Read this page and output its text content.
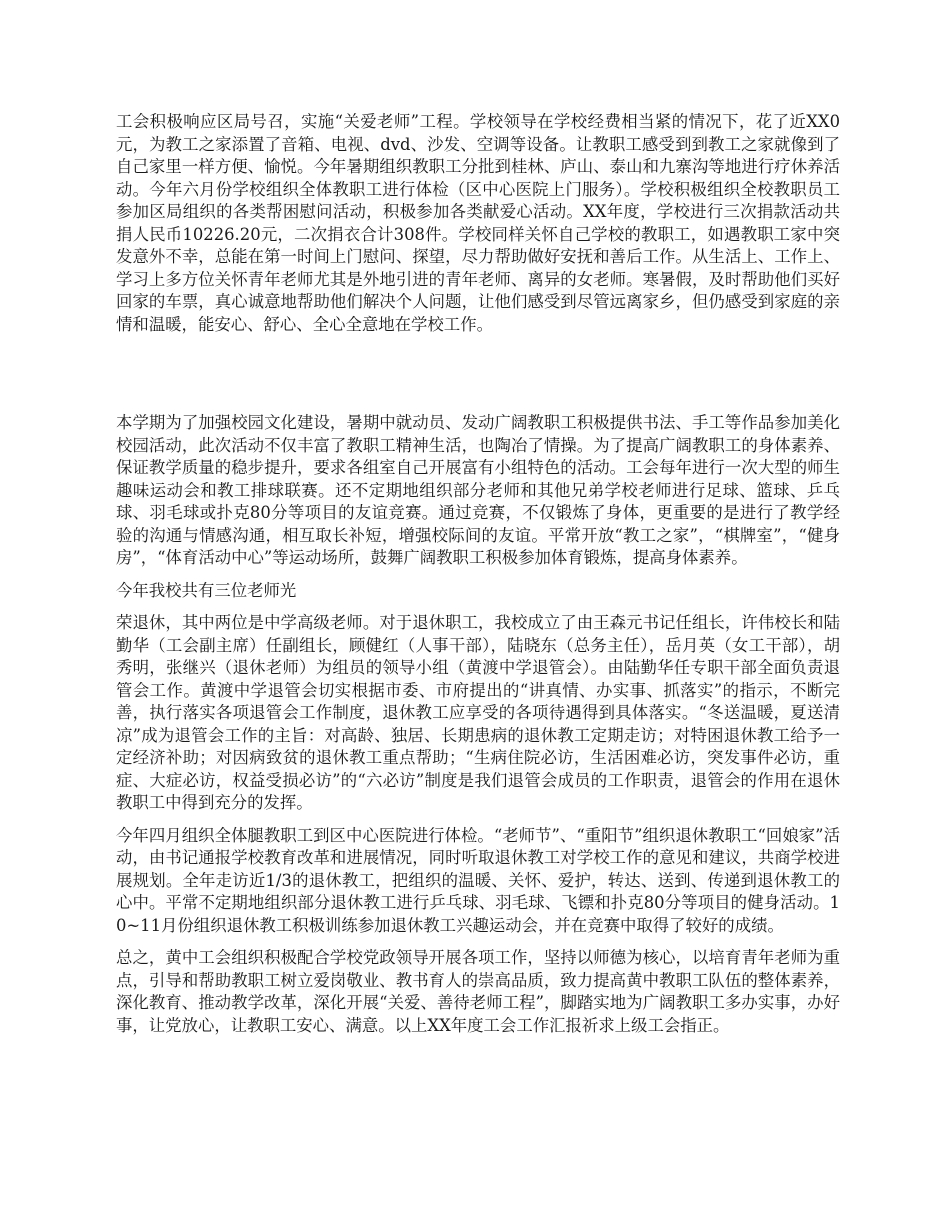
工会积极响应区局号召，实施“关爱老师”工程。学校领导在学校经费相当紧的情况下，花了近XX0元，为教工之家添置了音箱、电视、dvd、沙发、空调等设备。让教职工感受到到教工之家就像到了自己家里一样方便、愉悦。今年暑期组织教职工分批到桂林、庐山、泰山和九寨沟等地进行疗休养活动。今年六月份学校组织全体教职工进行体检（区中心医院上门服务）。学校积极组织全校教职员工参加区局组织的各类帮困慰问活动，积极参加各类献爱心活动。XX年度，学校进行三次捐款活动共捐人民币10226.20元，二次捐衣合计308件。学校同样关怀自己学校的教职工，如遇教职工家中突发意外不幸，总能在第一时间上门慰问、探望，尽力帮助做好安抚和善后工作。从生活上、工作上、学习上多方位关怀青年老师尤其是外地引进的青年老师、离异的女老师。寒暑假，及时帮助他们买好回家的车票，真心诚意地帮助他们解决个人问题，让他们感受到尽管远离家乡，但仍感受到家庭的亲情和温暖，能安心、舒心、全心全意地在学校工作。

本学期为了加强校园文化建设，暑期中就动员、发动广阔教职工积极提供书法、手工等作品参加美化校园活动，此次活动不仅丰富了教职工精神生活，也陶冶了情操。为了提高广阔教职工的身体素养、保证教学质量的稳步提升，要求各组室自己开展富有小组特色的活动。工会每年进行一次大型的师生趣味运动会和教工排球联赛。还不定期地组织部分老师和其他兄弟学校老师进行足球、篮球、乒乓球、羽毛球或扑克80分等项目的友谊竞赛。通过竞赛，不仅锻炼了身体，更重要的是进行了教学经验的沟通与情感沟通，相互取长补短，增强校际间的友谊。平常开放“教工之家”，“棋牌室”，“健身房”，“体育活动中心”等运动场所，鼓舞广阔教职工积极参加体育锻炼，提高身体素养。

今年我校共有三位老师光

荣退休，其中两位是中学高级老师。对于退休职工，我校成立了由王森元书记任组长，许伟校长和陆勤华（工会副主席）任副组长，顾健红（人事干部），陆晓东（总务主任），岳月英（女工干部），胡秀明，张继兴（退休老师）为组员的领导小组（黄渡中学退管会）。由陆勤华任专职干部全面负责退管会工作。黄渡中学退管会切实根据市委、市府提出的“讲真情、办实事、抓落实”的指示，不断完善，执行落实各项退管会工作制度，退休教工应享受的各项待遇得到具体落实。“冬送温暖，夏送清凉”成为退管会工作的主旨：对高龄、独居、长期患病的退休教工定期走访；对特困退休教工给予一定经济补助；对因病致贫的退休教工重点帮助；“生病住院必访，生活困难必访，突发事件必访，重症、大症必访，权益受损必访”的“六必访”制度是我们退管会成员的工作职责，退管会的作用在退休教职工中得到充分的发挥。

今年四月组织全体腿教职工到区中心医院进行体检。“老师节”、“重阳节”组织退休教职工“回娘家”活动，由书记通报学校教育改革和进展情况，同时听取退休教工对学校工作的意见和建议，共商学校进展规划。全年走访近1/3的退休教工，把组织的温暖、关怀、爱护，转达、送到、传递到退休教工的心中。平常不定期地组织部分退休教工进行乒乓球、羽毛球、飞镖和扑克80分等项目的健身活动。10~11月份组织退休教工积极训练参加退休教工兴趣运动会，并在竞赛中取得了较好的成绩。

总之，黄中工会组织积极配合学校党政领导开展各项工作，坚持以师德为核心，以培育青年老师为重点，引导和帮助教职工树立爱岗敬业、教书育人的崇高品质，致力提高黄中教职工队伍的整体素养，深化教育、推动教学改革，深化开展“关爱、善待老师工程”，脚踏实地为广阔教职工多办实事，办好事，让党放心，让教职工安心、满意。以上XX年度工会工作汇报祈求上级工会指正。
